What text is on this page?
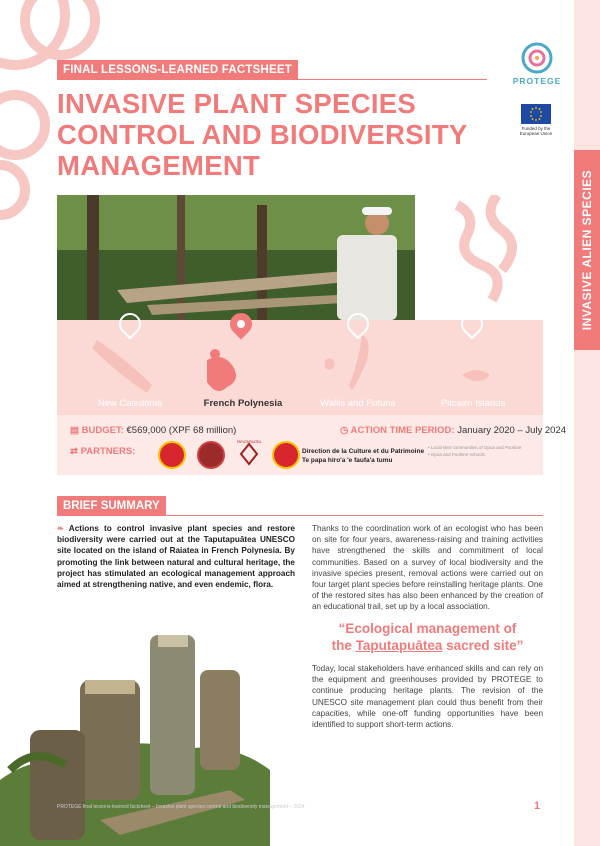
INVASIVE ALIEN SPECIES
FINAL LESSONS-LEARNED FACTSHEET
INVASIVE PLANT SPECIES CONTROL AND BIODIVERSITY MANAGEMENT
PROTEGE
Funded by the European Union
New Caledonia	French Polynesia	Wallis and Futuna	Pitcairn Islands
▤ BUDGET: €569,000 (XPF 68 million)	◷ ACTION TIME PERIOD: January 2020 – July 2024
⇄ PARTNERS:
TAPUTAPUATEA
Direction de la Culture et du Patrimoine
Te papa hiro'a 'e faufa'a tumu
• Local Islet communities of Opoa and Puohine
• Opoa and Puohine schools
BRIEF SUMMARY
❧ Actions to control invasive plant species and restore biodiversity were carried out at the Taputapuātea UNESCO site located on the island of Raiatea in French Polynesia. By promoting the link between natural and cultural heritage, the project has stimulated an ecological management approach aimed at strengthening native, and even endemic, flora.
Thanks to the coordination work of an ecologist who has been on site for four years, awareness-raising and training activities have strengthened the skills and commitment of local communities. Based on a survey of local biodiversity and the invasive species present, removal actions were carried out on four target plant species before reinstalling heritage plants. One of the restored sites has also been enhanced by the creation of an educational trail, set up by a local association.
“Ecological management of
the Taputapuātea sacred site”
Today, local stakeholders have enhanced skills and can rely on the equipment and greenhouses provided by PROTEGE to continue producing heritage plants. The revision of the UNESCO site management plan could thus benefit from their capacities, while one-off funding opportunities have been identified to support short-term actions.
PROTEGE final lessons-learned factsheet – Invasive plant species control and biodiversity management – 2024	1
